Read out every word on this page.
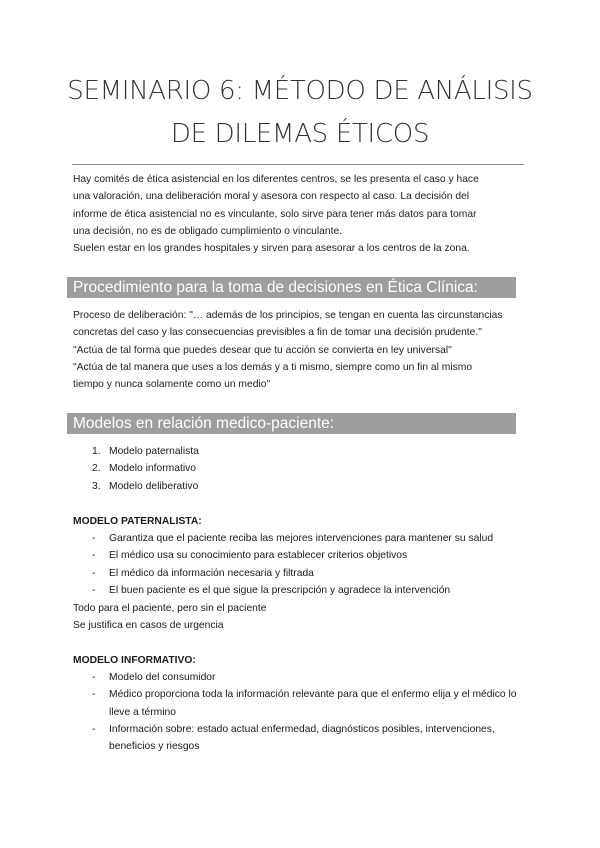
SEMINARIO 6: MÉTODO DE ANÁLISIS
DE DILEMAS ÉTICOS

Hay comités de ética asistencial en los diferentes centros, se les presenta el caso y hace

una valoración, una deliberación moral y asesora con respecto al caso. La decisión del

informe de ética asistencial no es vinculante, solo sirve para tener más datos para tomar

una decisión, no es de obligado cumplimiento o vinculante.

Suelen estar en los grandes hospitales y sirven para asesorar a los centros de la zona.

Procedimiento para la toma de decisiones en Ética Clínica:

Proceso de deliberación: "… además de los principios, se tengan en cuenta las circunstancias

concretas del caso y las consecuencias previsibles a fin de tomar una decisión prudente."

"Actúa de tal forma que puedes desear que tu acción se convierta en ley universal"

"Actúa de tal manera que uses a los demás y a ti mismo, siempre como un fin al mismo

tiempo y nunca solamente como un medio"

Modelos en relación medico-paciente:
1. Modelo paternalista
2. Modelo informativo
3. Modelo deliberativo
MODELO PATERNALISTA:
- Garantiza que el paciente reciba las mejores intervenciones para mantener su salud
- El médico usa su conocimiento para establecer criterios objetivos
- El médico da información necesaria y filtrada
- El buen paciente es el que sigue la prescripción y agradece la intervención
Todo para el paciente, pero sin el paciente
Se justifica en casos de urgencia
MODELO INFORMATIVO:
- Modelo del consumidor
- Médico proporciona toda la información relevante para que el enfermo elija y el médico lo lleve a término
- Información sobre: estado actual enfermedad, diagnósticos posibles, intervenciones, beneficios y riesgos
